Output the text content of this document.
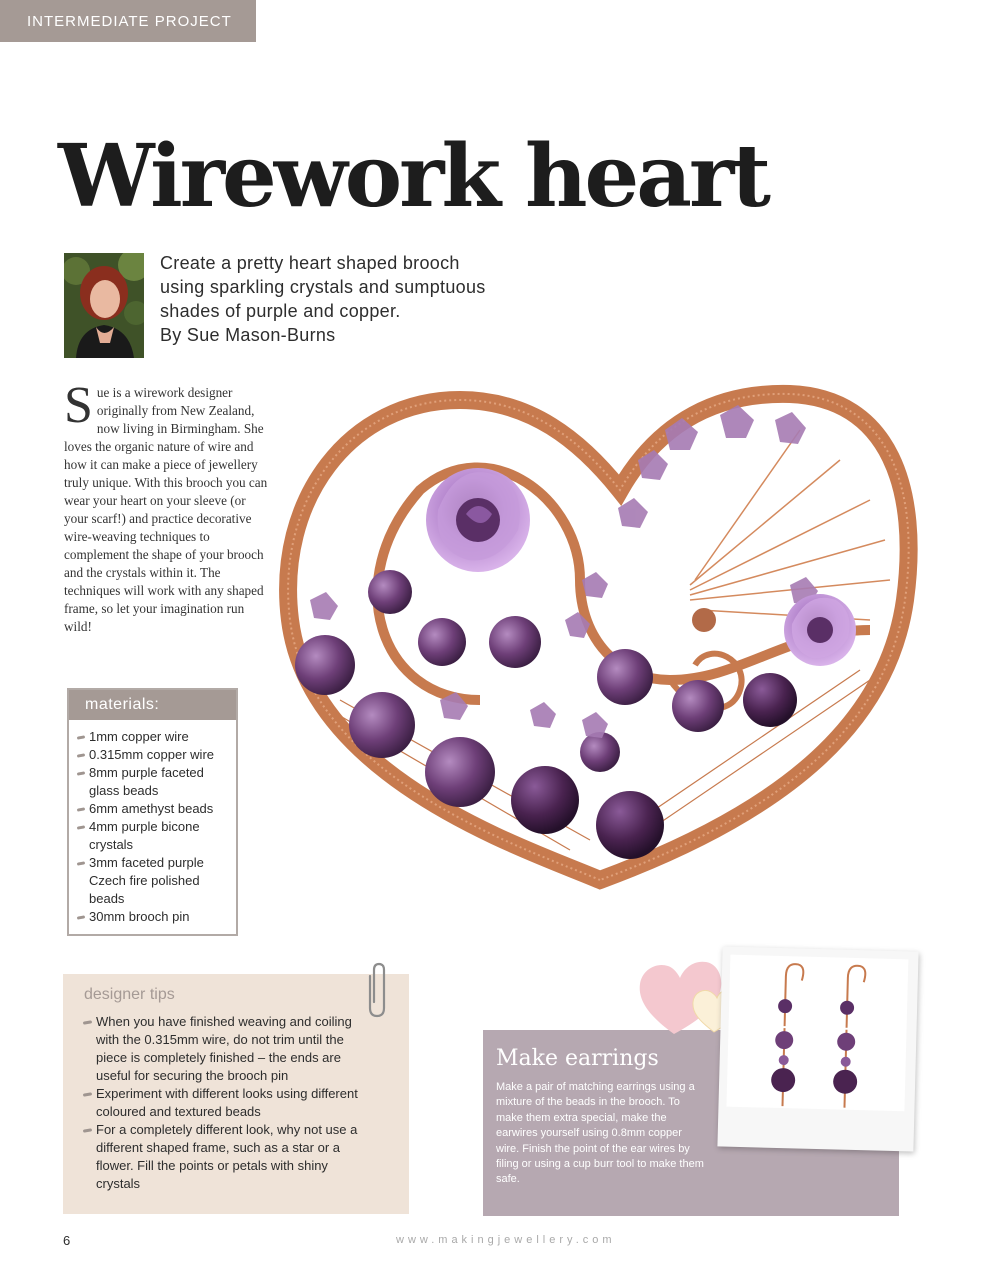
INTERMEDIATE PROJECT
Wirework heart

Create a pretty heart shaped brooch

using sparkling crystals and sumptuous

shades of purple and copper.

By Sue Mason-Burns

S ue is a wirework designer originally from New Zealand, now living in Birmingham. She loves the organic nature of wire and how it can make a piece of jewellery truly unique. With this brooch you can wear your heart on your sleeve (or your scarf!) and practice decorative wire-weaving techniques to complement the shape of your brooch and the crystals within it. The techniques will work with any shaped frame, so let your imagination run wild!
materials:
1mm copper wire
0.315mm copper wire
8mm purple faceted glass beads
6mm amethyst beads
4mm purple bicone crystals
3mm faceted purple Czech fire polished beads
30mm brooch pin
designer tips
When you have finished weaving and coiling with the 0.315mm wire, do not trim until the piece is completely finished – the ends are useful for securing the brooch pin
Experiment with different looks using different coloured and textured beads
For a completely different look, why not use a different shaped frame, such as a star or a flower. Fill the points or petals with shiny crystals
Make earrings

Make a pair of matching earrings using a mixture of the beads in the brooch. To make them extra special, make the earwires yourself using 0.8mm copper wire. Finish the point of the ear wires by filing or using a cup burr tool to make them safe.

6	www.makingjewellery.com
